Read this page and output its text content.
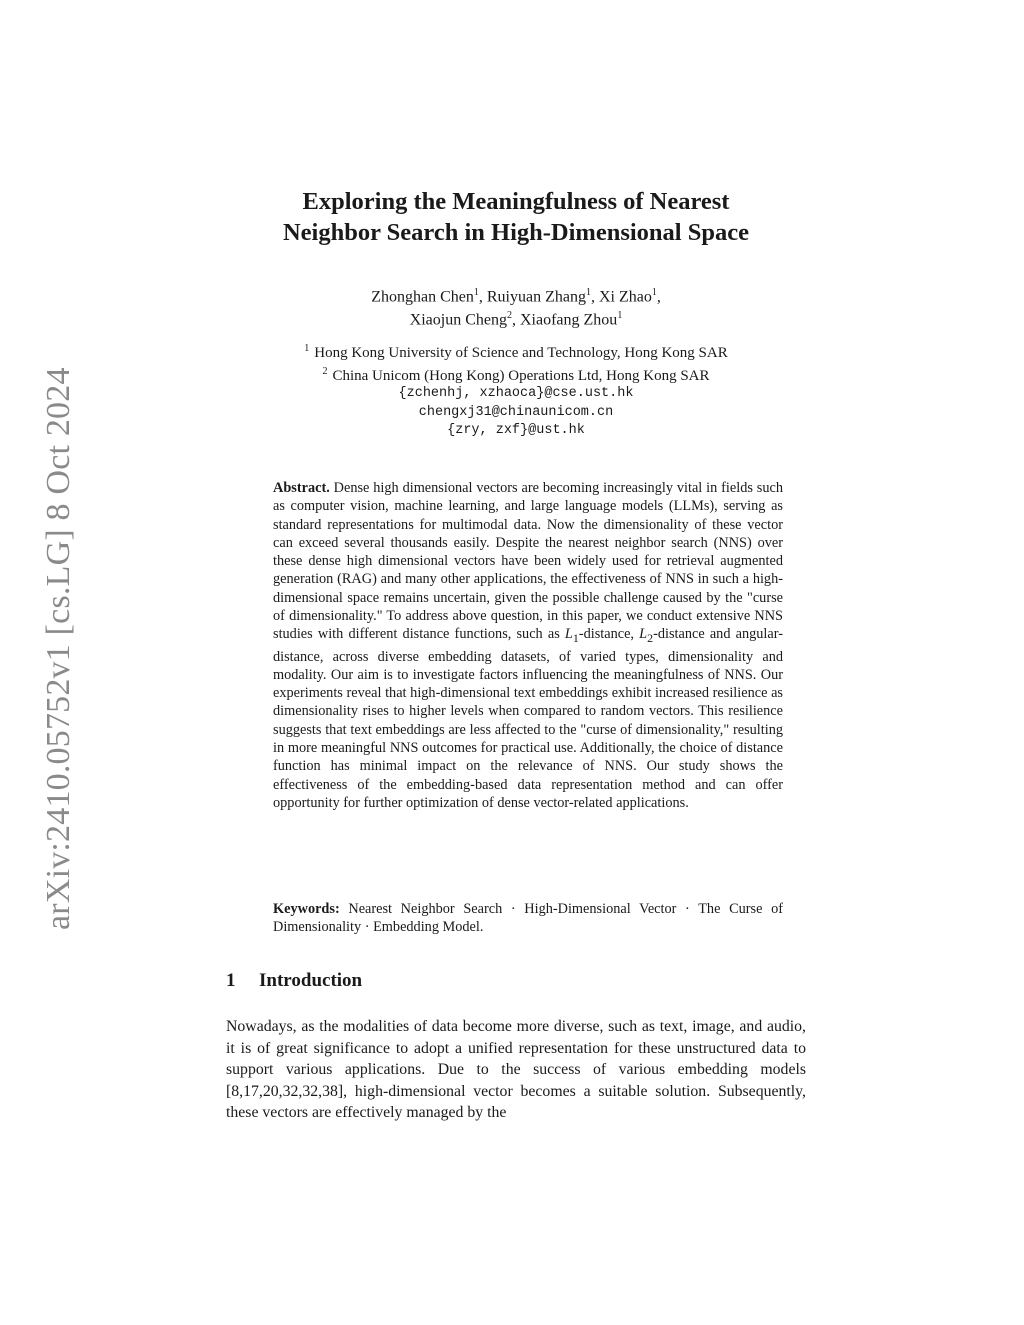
arXiv:2410.05752v1 [cs.LG] 8 Oct 2024
Exploring the Meaningfulness of Nearest
Neighbor Search in High-Dimensional Space
Zhonghan Chen$^1$, Ruiyuan Zhang$^1$, Xi Zhao$^1$,
Xiaojun Cheng$^2$, Xiaofang Zhou$^1$
$^1$ Hong Kong University of Science and Technology, Hong Kong SAR
$^2$ China Unicom (Hong Kong) Operations Ltd, Hong Kong SAR
{zchenhj, xzhaoca}@cse.ust.hk
chengxj31@chinaunicom.cn
{zry, zxf}@ust.hk
Abstract. Dense high dimensional vectors are becoming increasingly vital in fields such as computer vision, machine learning, and large language models (LLMs), serving as standard representations for multimodal data. Now the dimensionality of these vector can exceed several thousands easily. Despite the nearest neighbor search (NNS) over these dense high dimensional vectors have been widely used for retrieval augmented generation (RAG) and many other applications, the effectiveness of NNS in such a high-dimensional space remains uncertain, given the possible challenge caused by the "curse of dimensionality." To address above question, in this paper, we conduct extensive NNS studies with different distance functions, such as $L_1$-distance, $L_2$-distance and angular-distance, across diverse embedding datasets, of varied types, dimensionality and modality. Our aim is to investigate factors influencing the meaningfulness of NNS. Our experiments reveal that high-dimensional text embeddings exhibit increased resilience as dimensionality rises to higher levels when compared to random vectors. This resilience suggests that text embeddings are less affected to the "curse of dimensionality," resulting in more meaningful NNS outcomes for practical use. Additionally, the choice of distance function has minimal impact on the relevance of NNS. Our study shows the effectiveness of the embedding-based data representation method and can offer opportunity for further optimization of dense vector-related applications.
Keywords: Nearest Neighbor Search · High-Dimensional Vector · The Curse of Dimensionality · Embedding Model.
1 Introduction
Nowadays, as the modalities of data become more diverse, such as text, image, and audio, it is of great significance to adopt a unified representation for these unstructured data to support various applications. Due to the success of various embedding models [8,17,20,32,32,38], high-dimensional vector becomes a suitable solution. Subsequently, these vectors are effectively managed by the
